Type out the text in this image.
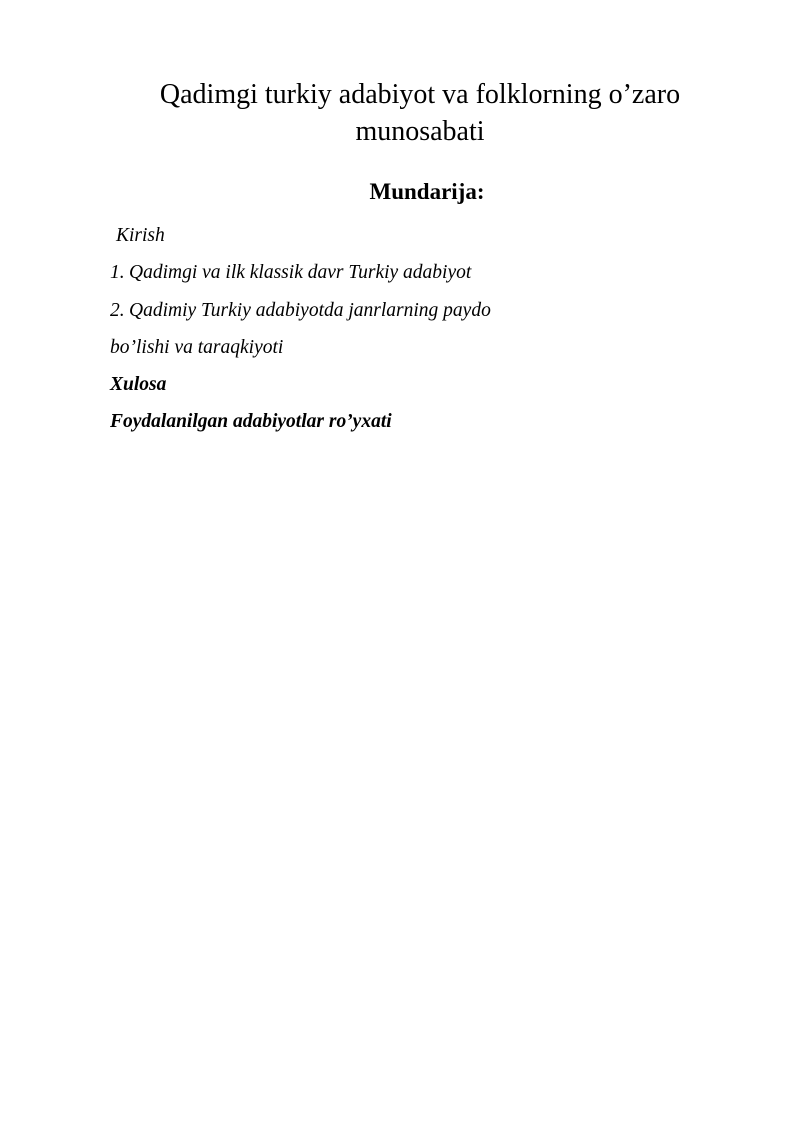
Qadimgi turkiy adabiyot va folklorning o’zaro
munosabati
Mundarija:
Kirish
1. Qadimgi va ilk klassik davr Turkiy adabiyot
2. Qadimiy Turkiy adabiyotda janrlarning paydo
bo’lishi va taraqkiyoti
Xulosa
Foydalanilgan adabiyotlar ro’yxati
